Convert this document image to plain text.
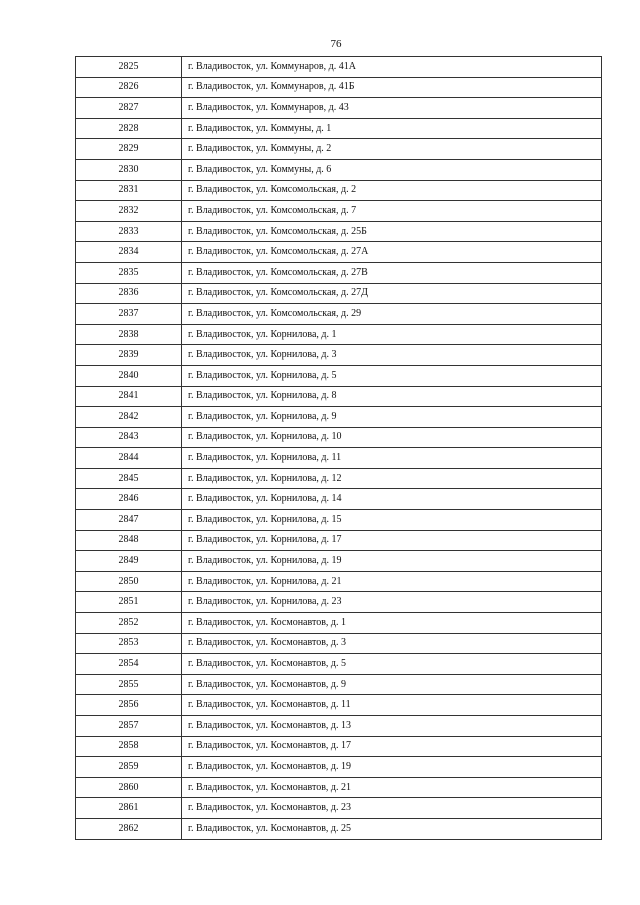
76
2825	г. Владивосток, ул. Коммунаров, д. 41А
2826	г. Владивосток, ул. Коммунаров, д. 41Б
2827	г. Владивосток, ул. Коммунаров, д. 43
2828	г. Владивосток, ул. Коммуны, д. 1
2829	г. Владивосток, ул. Коммуны, д. 2
2830	г. Владивосток, ул. Коммуны, д. 6
2831	г. Владивосток, ул. Комсомольская, д. 2
2832	г. Владивосток, ул. Комсомольская, д. 7
2833	г. Владивосток, ул. Комсомольская, д. 25Б
2834	г. Владивосток, ул. Комсомольская, д. 27А
2835	г. Владивосток, ул. Комсомольская, д. 27В
2836	г. Владивосток, ул. Комсомольская, д. 27Д
2837	г. Владивосток, ул. Комсомольская, д. 29
2838	г. Владивосток, ул. Корнилова, д. 1
2839	г. Владивосток, ул. Корнилова, д. 3
2840	г. Владивосток, ул. Корнилова, д. 5
2841	г. Владивосток, ул. Корнилова, д. 8
2842	г. Владивосток, ул. Корнилова, д. 9
2843	г. Владивосток, ул. Корнилова, д. 10
2844	г. Владивосток, ул. Корнилова, д. 11
2845	г. Владивосток, ул. Корнилова, д. 12
2846	г. Владивосток, ул. Корнилова, д. 14
2847	г. Владивосток, ул. Корнилова, д. 15
2848	г. Владивосток, ул. Корнилова, д. 17
2849	г. Владивосток, ул. Корнилова, д. 19
2850	г. Владивосток, ул. Корнилова, д. 21
2851	г. Владивосток, ул. Корнилова, д. 23
2852	г. Владивосток, ул. Космонавтов, д. 1
2853	г. Владивосток, ул. Космонавтов, д. 3
2854	г. Владивосток, ул. Космонавтов, д. 5
2855	г. Владивосток, ул. Космонавтов, д. 9
2856	г. Владивосток, ул. Космонавтов, д. 11
2857	г. Владивосток, ул. Космонавтов, д. 13
2858	г. Владивосток, ул. Космонавтов, д. 17
2859	г. Владивосток, ул. Космонавтов, д. 19
2860	г. Владивосток, ул. Космонавтов, д. 21
2861	г. Владивосток, ул. Космонавтов, д. 23
2862	г. Владивосток, ул. Космонавтов, д. 25
